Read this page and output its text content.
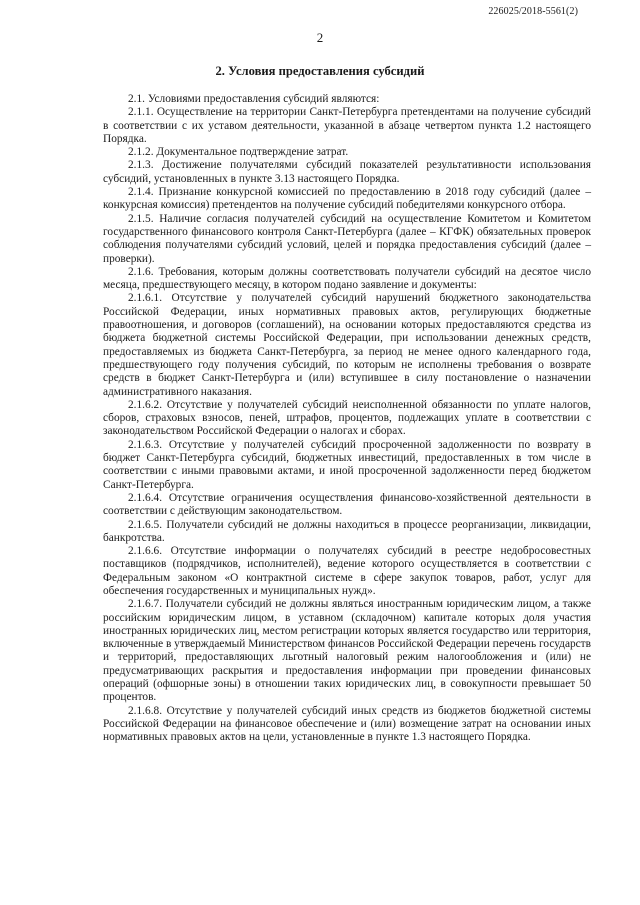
226025/2018-5561(2)
2
2. Условия предоставления субсидий

2.1. Условиями предоставления субсидий являются:

2.1.1. Осуществление на территории Санкт-Петербурга претендентами на получение субсидий в соответствии с их уставом деятельности, указанной в абзаце четвертом пункта 1.2 настоящего Порядка.

2.1.2. Документальное подтверждение затрат.

2.1.3. Достижение получателями субсидий показателей результативности использования субсидий, установленных в пункте 3.13 настоящего Порядка.

2.1.4. Признание конкурсной комиссией по предоставлению в 2018 году субсидий (далее – конкурсная комиссия) претендентов на получение субсидий победителями конкурсного отбора.

2.1.5. Наличие согласия получателей субсидий на осуществление Комитетом и Комитетом государственного финансового контроля Санкт-Петербурга (далее – КГФК) обязательных проверок соблюдения получателями субсидий условий, целей и порядка предоставления субсидий (далее – проверки).

2.1.6. Требования, которым должны соответствовать получатели субсидий на десятое число месяца, предшествующего месяцу, в котором подано заявление и документы:

2.1.6.1. Отсутствие у получателей субсидий нарушений бюджетного законодательства Российской Федерации, иных нормативных правовых актов, регулирующих бюджетные правоотношения, и договоров (соглашений), на основании которых предоставляются средства из бюджета бюджетной системы Российской Федерации, при использовании денежных средств, предоставляемых из бюджета Санкт-Петербурга, за период не менее одного календарного года, предшествующего году получения субсидий, по которым не исполнены требования о возврате средств в бюджет Санкт-Петербурга и (или) вступившее в силу постановление о назначении административного наказания.

2.1.6.2. Отсутствие у получателей субсидий неисполненной обязанности по уплате налогов, сборов, страховых взносов, пеней, штрафов, процентов, подлежащих уплате в соответствии с законодательством Российской Федерации о налогах и сборах.

2.1.6.3. Отсутствие у получателей субсидий просроченной задолженности по возврату в бюджет Санкт-Петербурга субсидий, бюджетных инвестиций, предоставленных в том числе в соответствии с иными правовыми актами, и иной просроченной задолженности перед бюджетом Санкт-Петербурга.

2.1.6.4. Отсутствие ограничения осуществления финансово-хозяйственной деятельности в соответствии с действующим законодательством.

2.1.6.5. Получатели субсидий не должны находиться в процессе реорганизации, ликвидации, банкротства.

2.1.6.6. Отсутствие информации о получателях субсидий в реестре недобросовестных поставщиков (подрядчиков, исполнителей), ведение которого осуществляется в соответствии с Федеральным законом «О контрактной системе в сфере закупок товаров, работ, услуг для обеспечения государственных и муниципальных нужд».

2.1.6.7. Получатели субсидий не должны являться иностранным юридическим лицом, а также российским юридическим лицом, в уставном (складочном) капитале которых доля участия иностранных юридических лиц, местом регистрации которых является государство или территория, включенные в утверждаемый Министерством финансов Российской Федерации перечень государств и территорий, предоставляющих льготный налоговый режим налогообложения и (или) не предусматривающих раскрытия и предоставления информации при проведении финансовых операций (офшорные зоны) в отношении таких юридических лиц, в совокупности превышает 50 процентов.

2.1.6.8. Отсутствие у получателей субсидий иных средств из бюджетов бюджетной системы Российской Федерации на финансовое обеспечение и (или) возмещение затрат на основании иных нормативных правовых актов на цели, установленные в пункте 1.3 настоящего Порядка.
